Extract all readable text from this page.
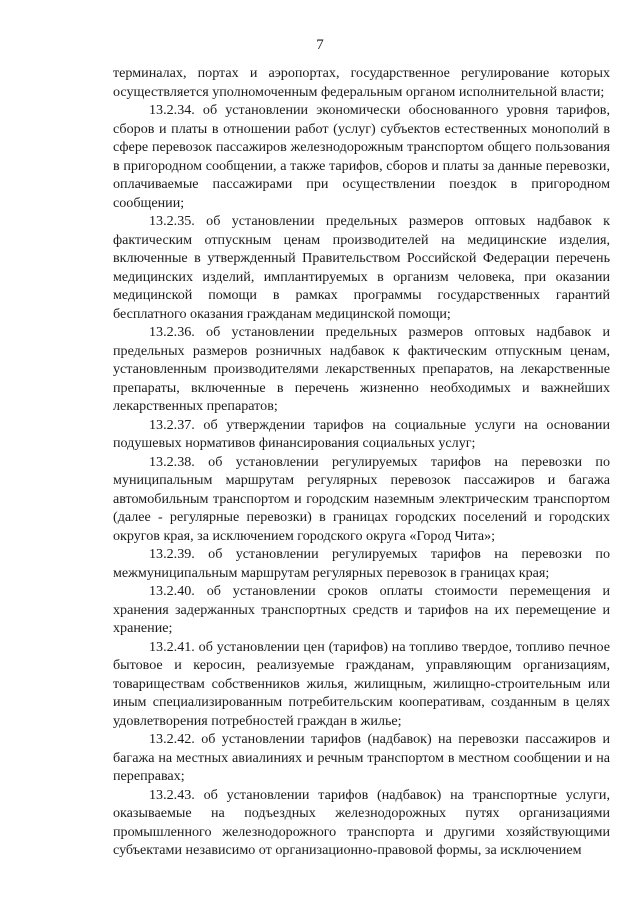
7

терминалах, портах и аэропортах, государственное регулирование которых осуществляется уполномоченным федеральным органом исполнительной власти;

13.2.34. об установлении экономически обоснованного уровня тарифов, сборов и платы в отношении работ (услуг) субъектов естественных монополий в сфере перевозок пассажиров железнодорожным транспортом общего пользования в пригородном сообщении, а также тарифов, сборов и платы за данные перевозки, оплачиваемые пассажирами при осуществлении поездок в пригородном сообщении;

13.2.35. об установлении предельных размеров оптовых надбавок к фактическим отпускным ценам производителей на медицинские изделия, включенные в утвержденный Правительством Российской Федерации перечень медицинских изделий, имплантируемых в организм человека, при оказании медицинской помощи в рамках программы государственных гарантий бесплатного оказания гражданам медицинской помощи;

13.2.36. об установлении предельных размеров оптовых надбавок и предельных размеров розничных надбавок к фактическим отпускным ценам, установленным производителями лекарственных препаратов, на лекарственные препараты, включенные в перечень жизненно необходимых и важнейших лекарственных препаратов;

13.2.37. об утверждении тарифов на социальные услуги на основании подушевых нормативов финансирования социальных услуг;

13.2.38. об установлении регулируемых тарифов на перевозки по муниципальным маршрутам регулярных перевозок пассажиров и багажа автомобильным транспортом и городским наземным электрическим транспортом (далее - регулярные перевозки) в границах городских поселений и городских округов края, за исключением городского округа «Город Чита»;

13.2.39. об установлении регулируемых тарифов на перевозки по межмуниципальным маршрутам регулярных перевозок в границах края;

13.2.40. об установлении сроков оплаты стоимости перемещения и хранения задержанных транспортных средств и тарифов на их перемещение и хранение;

13.2.41. об установлении цен (тарифов) на топливо твердое, топливо печное бытовое и керосин, реализуемые гражданам, управляющим организациям, товариществам собственников жилья, жилищным, жилищно-строительным или иным специализированным потребительским кооперативам, созданным в целях удовлетворения потребностей граждан в жилье;

13.2.42. об установлении тарифов (надбавок) на перевозки пассажиров и багажа на местных авиалиниях и речным транспортом в местном сообщении и на переправах;

13.2.43. об установлении тарифов (надбавок) на транспортные услуги, оказываемые на подъездных железнодорожных путях организациями промышленного железнодорожного транспорта и другими хозяйствующими субъектами независимо от организационно-правовой формы, за исключением
